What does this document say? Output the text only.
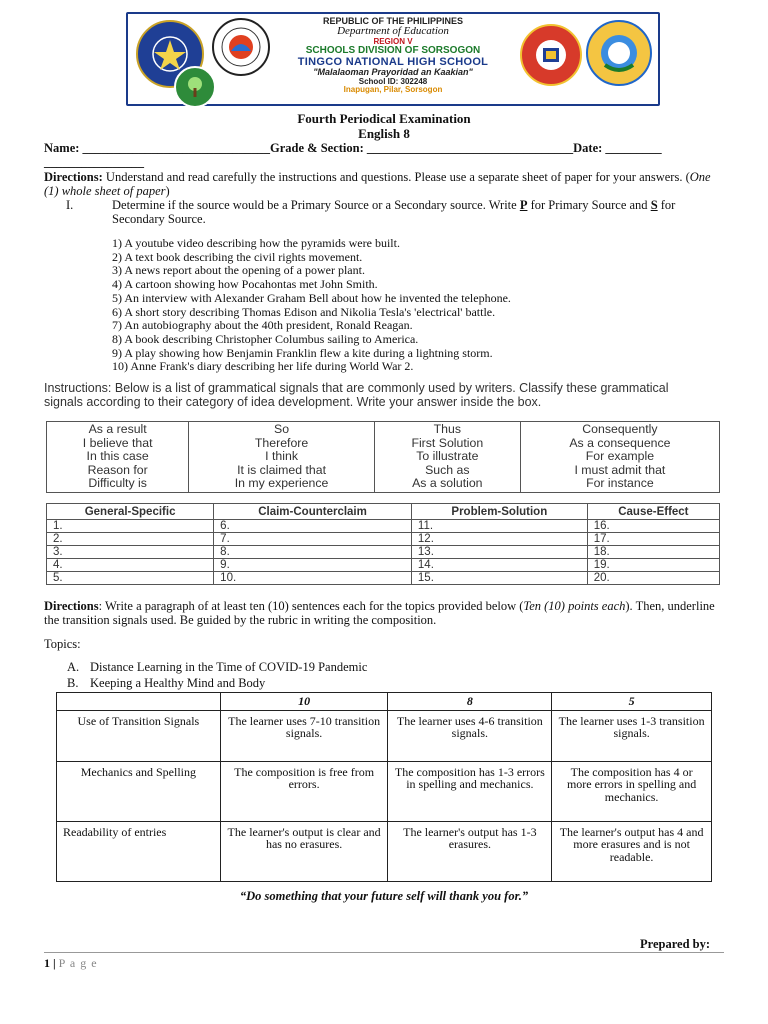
REPUBLIC OF THE PHILIPPINES
Department of Education
REGION V
SCHOOLS DIVISION OF SORSOGON
TINGCO NATIONAL HIGH SCHOOL
"Malalaoman Prayoridad an Kaakian"
School ID: 302248
Inapugan, Pilar, Sorsogon
Fourth Periodical Examination
English 8
Name: ______________________________Grade & Section: _________________________________Date: _________
________________
Directions: Understand and read carefully the instructions and questions. Please use a separate sheet of paper for your answers. (One (1) whole sheet of paper)
I.	Determine if the source would be a Primary Source or a Secondary source. Write P for Primary Source and S for Secondary Source.
1) A youtube video describing how the pyramids were built.
2) A text book describing the civil rights movement.
3) A news report about the opening of a power plant.
4) A cartoon showing how Pocahontas met John Smith.
5) An interview with Alexander Graham Bell about how he invented the telephone.
6) A short story describing Thomas Edison and Nikolia Tesla's 'electrical' battle.
7) An autobiography about the 40th president, Ronald Reagan.
8) A book describing Christopher Columbus sailing to America.
9) A play showing how Benjamin Franklin flew a kite during a lightning storm.
10) Anne Frank's diary describing her life during World War 2.
Instructions: Below is a list of grammatical signals that are commonly used by writers. Classify these grammatical signals according to their category of idea development. Write your answer inside the box.
As a result
I believe that
In this case
Reason for
Difficulty is

So
Therefore
I think
It is claimed that
In my experience

Thus
First Solution
To illustrate
Such as
As a solution

Consequently
As a consequence
For example
I must admit that
For instance
General-Specific	Claim-Counterclaim	Problem-Solution	Cause-Effect
1.	6.	11.	16.
2.	7.	12.	17.
3.	8.	13.	18.
4.	9.	14.	19.
5.	10.	15.	20.
Directions: Write a paragraph of at least ten (10) sentences each for the topics provided below (Ten (10) points each). Then, underline the transition signals used. Be guided by the rubric in writing the composition.
Topics:
A. Distance Learning in the Time of COVID-19 Pandemic
B. Keeping a Healthy Mind and Body
	10	8	5
Use of Transition Signals	The learner uses 7-10 transition signals.	The learner uses 4-6 transition signals.	The learner uses 1-3 transition signals.
Mechanics and Spelling	The composition is free from errors.	The composition has 1-3 errors in spelling and mechanics.	The composition has 4 or more errors in spelling and mechanics.
Readability of entries	The learner's output is clear and has no erasures.	The learner's output has 1-3 erasures.	The learner's output has 4 and more erasures and is not readable.
“Do something that your future self will thank you for.”
Prepared by:
1 | P a g e
